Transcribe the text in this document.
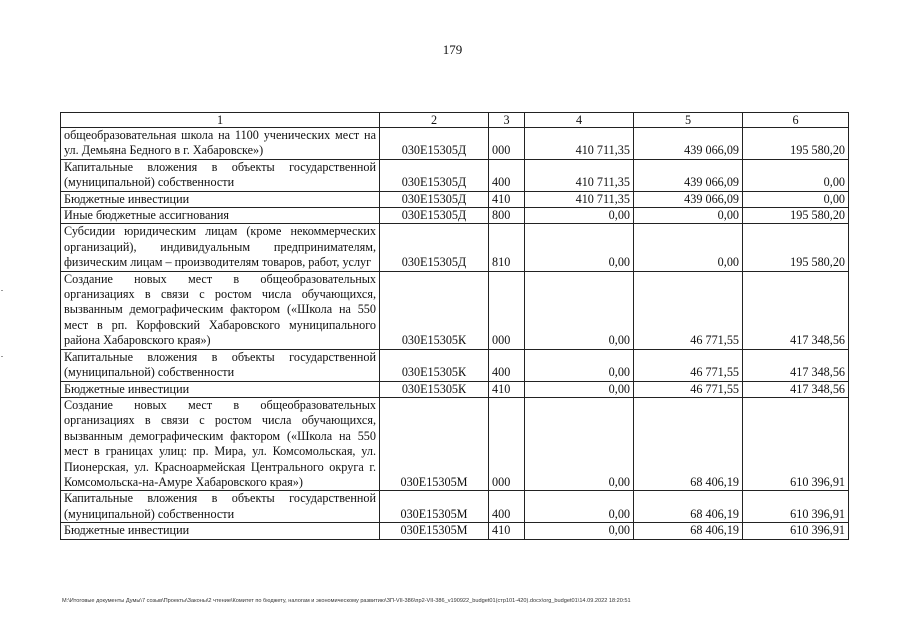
179
1	2	3	4	5	6
общеобразовательная школа на 1100 ученических мест на ул. Демьяна Бедного в г. Хабаровске»)	030E15305Д	000	410 711,35	439 066,09	195 580,20
Капитальные вложения в объекты государственной (муниципальной) собственности	030E15305Д	400	410 711,35	439 066,09	0,00
Бюджетные инвестиции	030E15305Д	410	410 711,35	439 066,09	0,00
Иные бюджетные ассигнования	030E15305Д	800	0,00	0,00	195 580,20
Субсидии юридическим лицам (кроме некоммерческих организаций), индивидуальным предпринимателям, физическим лицам – производителям товаров, работ, услуг	030E15305Д	810	0,00	0,00	195 580,20
Создание новых мест в общеобразовательных организациях в связи с ростом числа обучающихся, вызванным демографическим фактором («Школа на 550 мест в рп. Корфовский Хабаровского муниципального района Хабаровского края»)	030E15305К	000	0,00	46 771,55	417 348,56
Капитальные вложения в объекты государственной (муниципальной) собственности	030E15305К	400	0,00	46 771,55	417 348,56
Бюджетные инвестиции	030E15305К	410	0,00	46 771,55	417 348,56
Создание новых мест в общеобразовательных организациях в связи с ростом числа обучающихся, вызванным демографическим фактором («Школа на 550 мест в границах улиц: пр. Мира, ул. Комсомольская, ул. Пионерская, ул. Красноармейская Центрального округа г. Комсомольска-на-Амуре Хабаровского края»)	030E15305М	000	0,00	68 406,19	610 396,91
Капитальные вложения в объекты государственной (муниципальной) собственности	030E15305М	400	0,00	68 406,19	610 396,91
Бюджетные инвестиции	030E15305М	410	0,00	68 406,19	610 396,91
M:\Итоговые документы Думы\7 созыв\Проекты\Законы\2 чтение\Комитет по бюджету, налогам и экономическому развитию\ЗП-VII-386\пр2-VII-386_v190922_budget01(стр101-420).docx\org_budget01\14.09.2022 18:20:51
